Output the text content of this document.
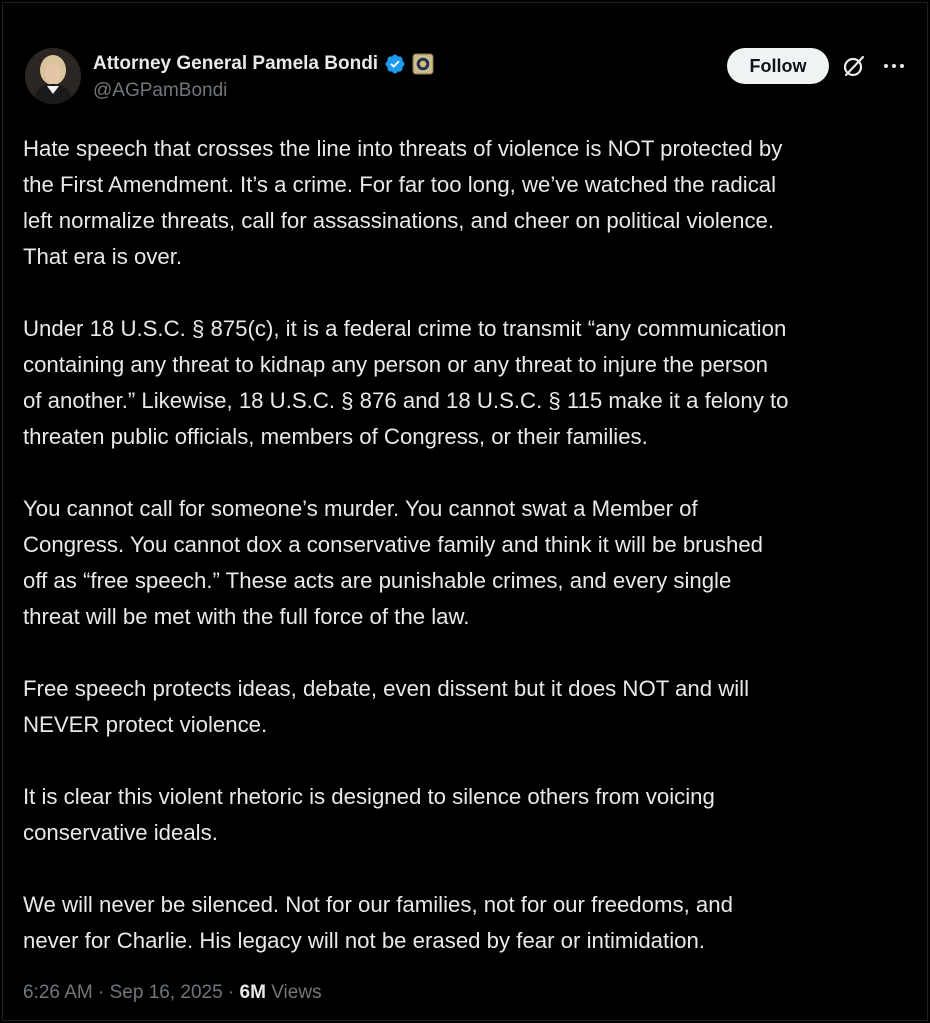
Attorney General Pamela Bondi
@AGPamBondi
Follow

Hate speech that crosses the line into threats of violence is NOT protected by
the First Amendment. It’s a crime. For far too long, we’ve watched the radical
left normalize threats, call for assassinations, and cheer on political violence.
That era is over.

Under 18 U.S.C. § 875(c), it is a federal crime to transmit “any communication
containing any threat to kidnap any person or any threat to injure the person
of another.” Likewise, 18 U.S.C. § 876 and 18 U.S.C. § 115 make it a felony to
threaten public officials, members of Congress, or their families.

You cannot call for someone’s murder. You cannot swat a Member of
Congress. You cannot dox a conservative family and think it will be brushed
off as “free speech.” These acts are punishable crimes, and every single
threat will be met with the full force of the law.

Free speech protects ideas, debate, even dissent but it does NOT and will
NEVER protect violence.

It is clear this violent rhetoric is designed to silence others from voicing
conservative ideals.

We will never be silenced. Not for our families, not for our freedoms, and
never for Charlie. His legacy will not be erased by fear or intimidation.

6:26 AM · Sep 16, 2025 · 6M Views
